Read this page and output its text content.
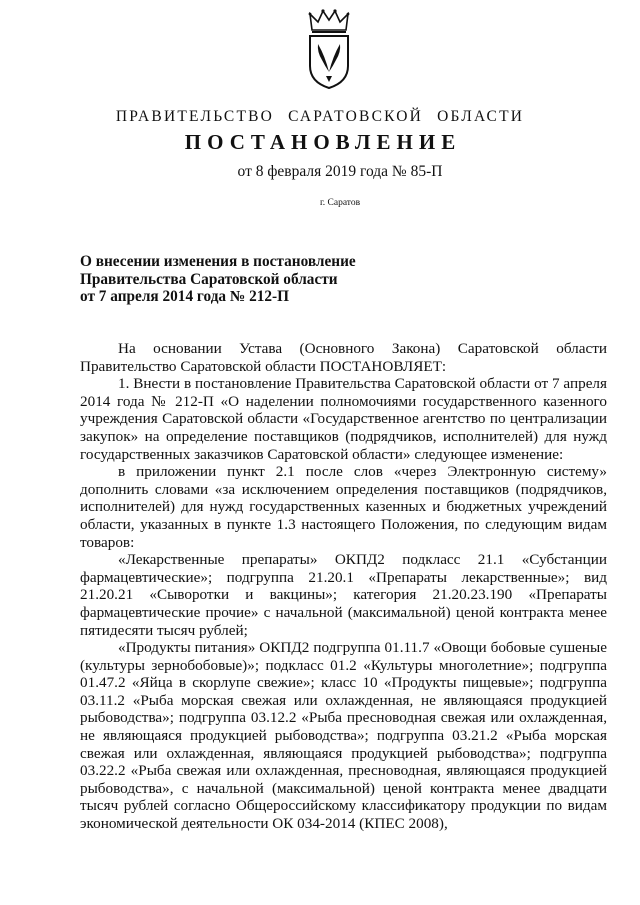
ПРАВИТЕЛЬСТВО САРАТОВСКОЙ ОБЛАСТИ
ПОСТАНОВЛЕНИЕ
от 8 февраля 2019 года № 85-П
г. Саратов
О внесении изменения в постановление
Правительства Саратовской области
от 7 апреля 2014 года № 212-П

На основании Устава (Основного Закона) Саратовской области Правительство Саратовской области ПОСТАНОВЛЯЕТ:

1. Внести в постановление Правительства Саратовской области от 7 апреля 2014 года № 212-П «О наделении полномочиями государственного казенного учреждения Саратовской области «Государственное агентство по централизации закупок» на определение поставщиков (подрядчиков, исполнителей) для нужд государственных заказчиков Саратовской области» следующее изменение:

в приложении пункт 2.1 после слов «через Электронную систему» дополнить словами «за исключением определения поставщиков (подрядчиков, исполнителей) для нужд государственных казенных и бюджетных учреждений области, указанных в пункте 1.3 настоящего Положения, по следующим видам товаров:

«Лекарственные препараты» ОКПД2 подкласс 21.1 «Субстанции фармацевтические»; подгруппа 21.20.1 «Препараты лекарственные»; вид 21.20.21 «Сыворотки и вакцины»; категория 21.20.23.190 «Препараты фармацевтические прочие» с начальной (максимальной) ценой контракта менее пятидесяти тысяч рублей;

«Продукты питания» ОКПД2 подгруппа 01.11.7 «Овощи бобовые сушеные (культуры зернобобовые)»; подкласс 01.2 «Культуры многолетние»; подгруппа 01.47.2 «Яйца в скорлупе свежие»; класс 10 «Продукты пищевые»; подгруппа 03.11.2 «Рыба морская свежая или охлажденная, не являющаяся продукцией рыбоводства»; подгруппа 03.12.2 «Рыба пресноводная свежая или охлажденная, не являющаяся продукцией рыбоводства»; подгруппа 03.21.2 «Рыба морская свежая или охлажденная, являющаяся продукцией рыбоводства»; подгруппа 03.22.2 «Рыба свежая или охлажденная, пресноводная, являющаяся продукцией рыбоводства», с начальной (максимальной) ценой контракта менее двадцати тысяч рублей согласно Общероссийскому классификатору продукции по видам экономической деятельности ОК 034-2014 (КПЕС 2008),
